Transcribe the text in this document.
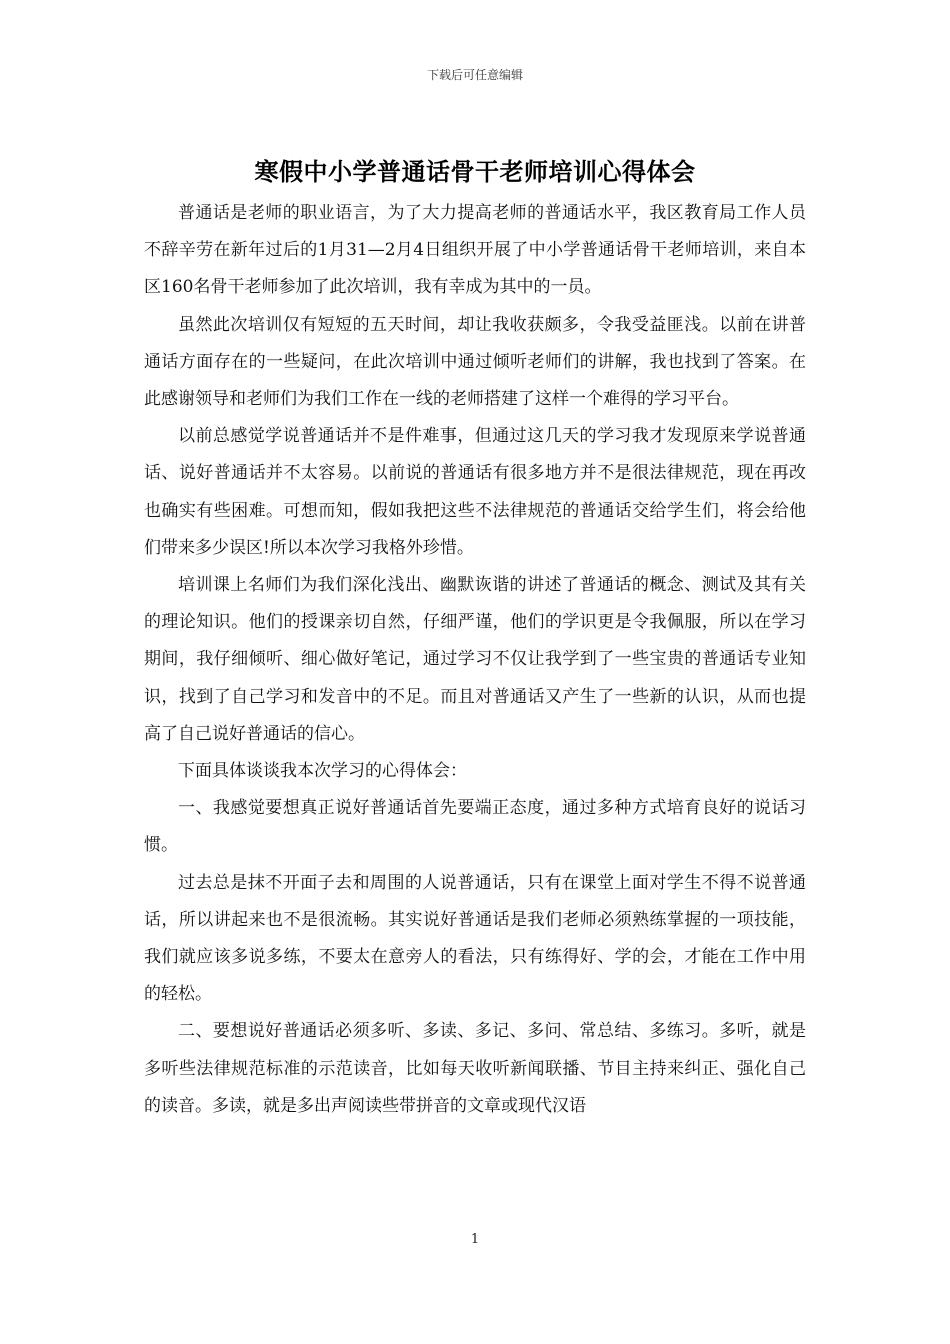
下载后可任意编辑
寒假中小学普通话骨干老师培训心得体会

普通话是老师的职业语言，为了大力提高老师的普通话水平，我区教育局工作人员不辞辛劳在新年过后的1月31—2月4日组织开展了中小学普通话骨干老师培训，来自本区160名骨干老师参加了此次培训，我有幸成为其中的一员。

虽然此次培训仅有短短的五天时间，却让我收获颇多，令我受益匪浅。以前在讲普通话方面存在的一些疑问，在此次培训中通过倾听老师们的讲解，我也找到了答案。在此感谢领导和老师们为我们工作在一线的老师搭建了这样一个难得的学习平台。

以前总感觉学说普通话并不是件难事，但通过这几天的学习我才发现原来学说普通话、说好普通话并不太容易。以前说的普通话有很多地方并不是很法律规范，现在再改也确实有些困难。可想而知，假如我把这些不法律规范的普通话交给学生们，将会给他们带来多少误区!所以本次学习我格外珍惜。

培训课上名师们为我们深化浅出、幽默诙谐的讲述了普通话的概念、测试及其有关的理论知识。他们的授课亲切自然，仔细严谨，他们的学识更是令我佩服，所以在学习期间，我仔细倾听、细心做好笔记，通过学习不仅让我学到了一些宝贵的普通话专业知识，找到了自己学习和发音中的不足。而且对普通话又产生了一些新的认识，从而也提高了自己说好普通话的信心。

下面具体谈谈我本次学习的心得体会：

一、我感觉要想真正说好普通话首先要端正态度，通过多种方式培育良好的说话习惯。

过去总是抹不开面子去和周围的人说普通话，只有在课堂上面对学生不得不说普通话，所以讲起来也不是很流畅。其实说好普通话是我们老师必须熟练掌握的一项技能，我们就应该多说多练，不要太在意旁人的看法，只有练得好、学的会，才能在工作中用的轻松。

二、要想说好普通话必须多听、多读、多记、多问、常总结、多练习。多听，就是多听些法律规范标准的示范读音，比如每天收听新闻联播、节目主持来纠正、强化自己的读音。多读，就是多出声阅读些带拼音的文章或现代汉语

1
